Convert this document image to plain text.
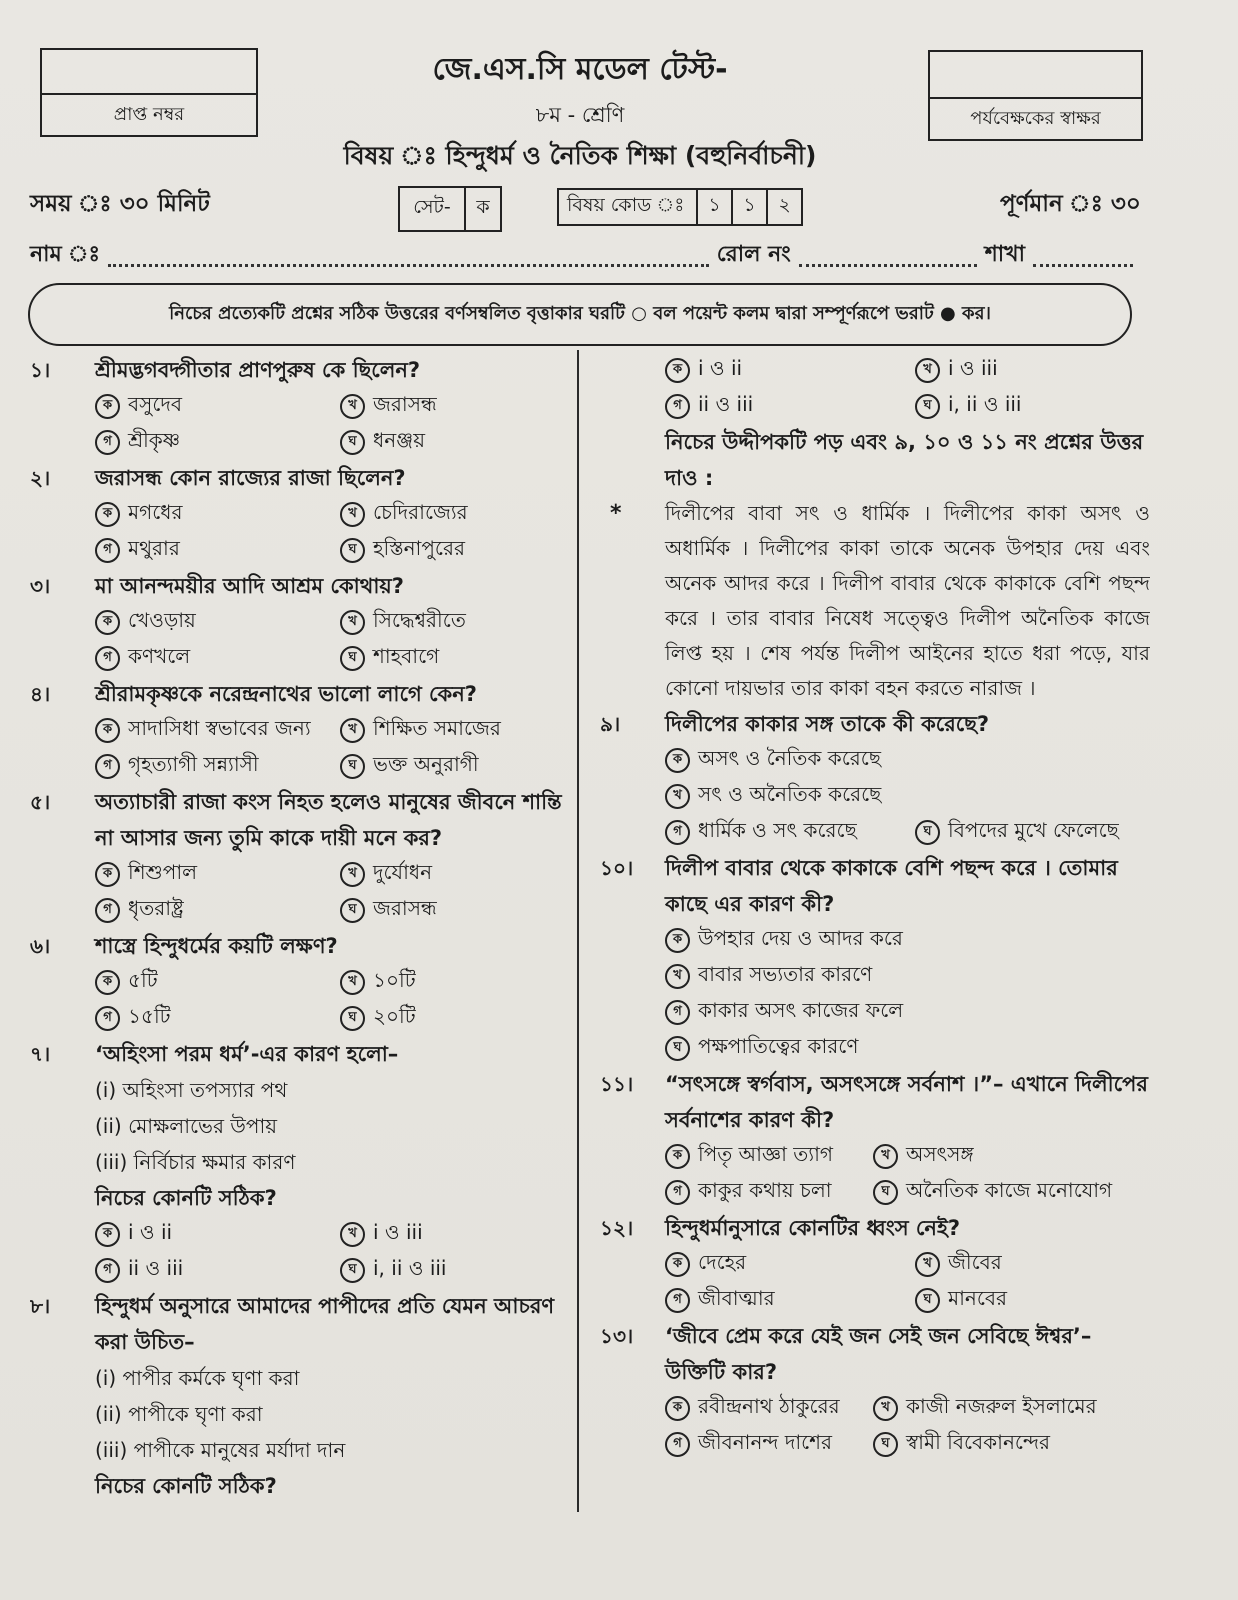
প্রাপ্ত নম্বর
জে.এস.সি মডেল টেস্ট-
৮ম - শ্রেণি
বিষয় ঃ হিন্দুধর্ম ও নৈতিক শিক্ষা (বহুনির্বাচনী)
পর্যবেক্ষকের স্বাক্ষর
সময় ঃ ৩০ মিনিট	সেট-	ক	বিষয় কোড ঃ	১	১	২	পূর্ণমান ঃ ৩০
নাম ঃ	রোল নং	শাখা
নিচের প্রত্যেকটি প্রশ্নের সঠিক উত্তরের বর্ণসম্বলিত বৃত্তাকার ঘরটি ○ বল পয়েন্ট কলম দ্বারা সম্পূর্ণরূপে ভরাট ● কর।
১।	শ্রীমদ্ভগবদ্গীতার প্রাণপুরুষ কে ছিলেন?
ক বসুদেব	খ জরাসন্ধ
গ শ্রীকৃষ্ণ	ঘ ধনঞ্জয়
২।	জরাসন্ধ কোন রাজ্যের রাজা ছিলেন?
ক মগধের	খ চেদিরাজ্যের
গ মথুরার	ঘ হস্তিনাপুরের
৩।	মা আনন্দময়ীর আদি আশ্রম কোথায়?
ক খেওড়ায়	খ সিদ্ধেশ্বরীতে
গ কণখলে	ঘ শাহবাগে
৪।	শ্রীরামকৃষ্ণকে নরেন্দ্রনাথের ভালো লাগে কেন?
ক সাদাসিধা স্বভাবের জন্য	খ শিক্ষিত সমাজের
গ গৃহত্যাগী সন্ন্যাসী	ঘ ভক্ত অনুরাগী
৫।	অত্যাচারী রাজা কংস নিহত হলেও মানুষের জীবনে শান্তি না আসার জন্য তুমি কাকে দায়ী মনে কর?
ক শিশুপাল	খ দুর্যোধন
গ ধৃতরাষ্ট্র	ঘ জরাসন্ধ
৬।	শাস্ত্রে হিন্দুধর্মের কয়টি লক্ষণ?
ক ৫টি	খ ১০টি
গ ১৫টি	ঘ ২০টি
৭।	‘অহিংসা পরম ধর্ম’-এর কারণ হলো–
(i) অহিংসা তপস্যার পথ
(ii) মোক্ষলাভের উপায়
(iii) নির্বিচার ক্ষমার কারণ
নিচের কোনটি সঠিক?
ক i ও ii	খ i ও iii
গ ii ও iii	ঘ i, ii ও iii
৮।	হিন্দুধর্ম অনুসারে আমাদের পাপীদের প্রতি যেমন আচরণ করা উচিত–
(i) পাপীর কর্মকে ঘৃণা করা
(ii) পাপীকে ঘৃণা করা
(iii) পাপীকে মানুষের মর্যাদা দান
নিচের কোনটি সঠিক?
ক i ও ii	খ i ও iii
গ ii ও iii	ঘ i, ii ও iii
নিচের উদ্দীপকটি পড় এবং ৯, ১০ ও ১১ নং প্রশ্নের উত্তর দাও :
*	দিলীপের বাবা সৎ ও ধার্মিক । দিলীপের কাকা অসৎ ও অধার্মিক । দিলীপের কাকা তাকে অনেক উপহার দেয় এবং অনেক আদর করে । দিলীপ বাবার থেকে কাকাকে বেশি পছন্দ করে । তার বাবার নিষেধ সত্ত্বেও দিলীপ অনৈতিক কাজে লিপ্ত হয় । শেষ পর্যন্ত দিলীপ আইনের হাতে ধরা পড়ে, যার কোনো দায়ভার তার কাকা বহন করতে নারাজ ।
৯।	দিলীপের কাকার সঙ্গ তাকে কী করেছে?
ক অসৎ ও নৈতিক করেছে
খ সৎ ও অনৈতিক করেছে
গ ধার্মিক ও সৎ করেছে	ঘ বিপদের মুখে ফেলেছে
১০।	দিলীপ বাবার থেকে কাকাকে বেশি পছন্দ করে । তোমার কাছে এর কারণ কী?
ক উপহার দেয় ও আদর করে
খ বাবার সভ্যতার কারণে
গ কাকার অসৎ কাজের ফলে
ঘ পক্ষপাতিত্বের কারণে
১১।	“সৎসঙ্গে স্বর্গবাস, অসৎসঙ্গে সর্বনাশ ।”– এখানে দিলীপের সর্বনাশের কারণ কী?
ক পিতৃ আজ্ঞা ত্যাগ	খ অসৎসঙ্গ
গ কাকুর কথায় চলা	ঘ অনৈতিক কাজে মনোযোগ
১২।	হিন্দুধর্মানুসারে কোনটির ধ্বংস নেই?
ক দেহের	খ জীবের
গ জীবাত্মার	ঘ মানবের
১৩।	‘জীবে প্রেম করে যেই জন সেই জন সেবিছে ঈশ্বর’– উক্তিটি কার?
ক রবীন্দ্রনাথ ঠাকুরের	খ কাজী নজরুল ইসলামের
গ জীবনানন্দ দাশের	ঘ স্বামী বিবেকানন্দের
